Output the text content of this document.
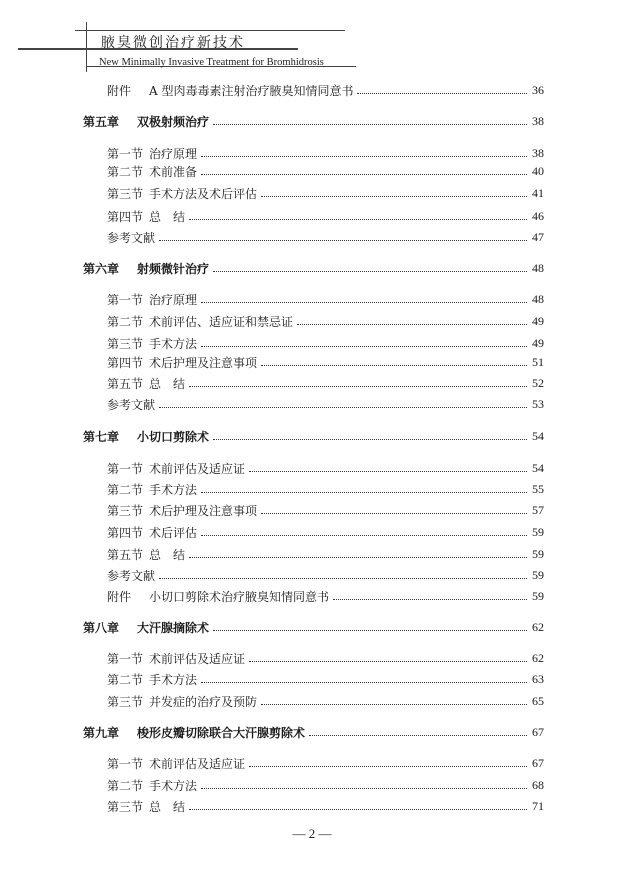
腋臭微创治疗新技术
New Minimally Invasive Treatment for Bromhidrosis
附件	A 型肉毒毒素注射治疗腋臭知情同意书	36
第五章	双极射频治疗	38
第一节 治疗原理	38
第二节 术前准备	40
第三节 手术方法及术后评估	41
第四节 总　结	46
参考文献	47
第六章	射频微针治疗	48
第一节 治疗原理	48
第二节 术前评估、适应证和禁忌证	49
第三节 手术方法	49
第四节 术后护理及注意事项	51
第五节 总　结	52
参考文献	53
第七章	小切口剪除术	54
第一节 术前评估及适应证	54
第二节 手术方法	55
第三节 术后护理及注意事项	57
第四节 术后评估	59
第五节 总　结	59
参考文献	59
附件	小切口剪除术治疗腋臭知情同意书	59
第八章	大汗腺摘除术	62
第一节 术前评估及适应证	62
第二节 手术方法	63
第三节 并发症的治疗及预防	65
第九章	梭形皮瓣切除联合大汗腺剪除术	67
第一节 术前评估及适应证	67
第二节 手术方法	68
第三节 总　结	71
— 2 —
